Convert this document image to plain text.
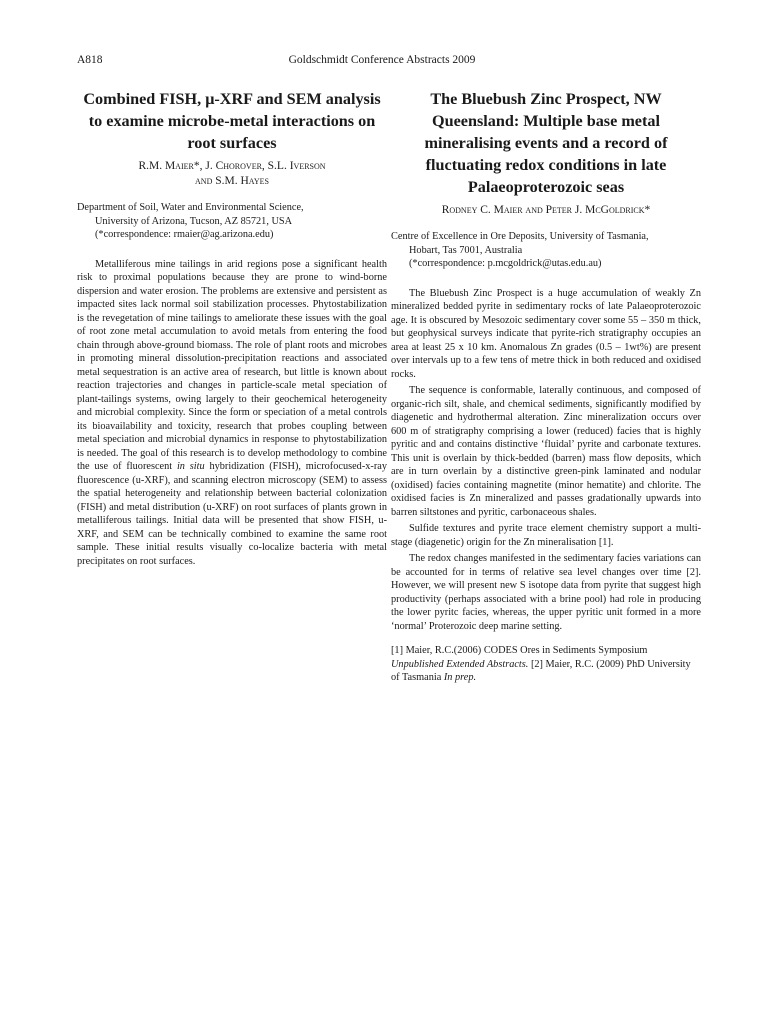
A818	Goldschmidt Conference Abstracts 2009
Combined FISH, μ-XRF and SEM analysis to examine microbe-metal interactions on root surfaces
R.M. Maier*, J. Chorover, S.L. Iverson
and S.M. Hayes
Department of Soil, Water and Environmental Science,
University of Arizona, Tucson, AZ 85721, USA
(*correspondence: rmaier@ag.arizona.edu)

Metalliferous mine tailings in arid regions pose a significant health risk to proximal populations because they are prone to wind-borne dispersion and water erosion. The problems are extensive and persistent as impacted sites lack normal soil stabilization processes. Phytostabilization is the revegetation of mine tailings to ameliorate these issues with the goal of root zone metal accumulation to avoid metals from entering the food chain through above-ground biomass. The role of plant roots and microbes in promoting mineral dissolution-precipitation reactions and associated metal sequestration is an active area of research, but little is known about reaction trajectories and changes in particle-scale metal speciation of plant-tailings systems, owing largely to their geochemical heterogeneity and microbial complexity. Since the form or speciation of a metal controls its bioavailability and toxicity, research that probes coupling between metal speciation and microbial dynamics in response to phytostabilization is needed. The goal of this research is to develop methodology to combine the use of fluorescent in situ hybridization (FISH), microfocused-x-ray fluorescence (u-XRF), and scanning electron microscopy (SEM) to assess the spatial heterogeneity and relationship between bacterial colonization (FISH) and metal distribution (u-XRF) on root surfaces of plants grown in metalliferous tailings. Initial data will be presented that show FISH, u-XRF, and SEM can be technically combined to examine the same root sample. These initial results visually co-localize bacteria with metal precipitates on root surfaces.

The Bluebush Zinc Prospect, NW Queensland: Multiple base metal mineralising events and a record of fluctuating redox conditions in late Palaeoproterozoic seas
Rodney C. Maier and Peter J. McGoldrick*
Centre of Excellence in Ore Deposits, University of Tasmania,
Hobart, Tas 7001, Australia
(*correspondence: p.mcgoldrick@utas.edu.au)

The Bluebush Zinc Prospect is a huge accumulation of weakly Zn mineralized bedded pyrite in sedimentary rocks of late Palaeoproterozoic age. It is obscured by Mesozoic sedimentary cover some 55 – 350 m thick, but geophysical surveys indicate that pyrite-rich stratigraphy occupies an area at least 25 x 10 km. Anomalous Zn grades (0.5 – 1wt%) are present over intervals up to a few tens of metre thick in both reduced and oxidised rocks.

The sequence is conformable, laterally continuous, and composed of organic-rich silt, shale, and chemical sediments, significantly modified by diagenetic and hydrothermal alteration. Zinc mineralization occurs over 600 m of stratigraphy comprising a lower (reduced) facies that is highly pyritic and and contains distinctive ‘fluidal’ pyrite and carbonate textures. This unit is overlain by thick-bedded (barren) mass flow deposits, which are in turn overlain by a distinctive green-pink laminated and nodular (oxidised) facies containing magnetite (minor hematite) and chlorite. The oxidised facies is Zn mineralized and passes gradationally upwards into barren siltstones and pyritic, carbonaceous shales.

Sulfide textures and pyrite trace element chemistry support a multi-stage (diagenetic) origin for the Zn mineralisation [1].

The redox changes manifested in the sedimentary facies variations can be accounted for in terms of relative sea level changes over time [2]. However, we will present new S isotope data from pyrite that suggest high productivity (perhaps associated with a brine pool) had role in producing the lower pyritc facies, whereas, the upper pyritic unit formed in a more ‘normal’ Proterozoic deep marine setting.

[1] Maier, R.C.(2006) CODES Ores in Sediments Symposium Unpublished Extended Abstracts. [2] Maier, R.C. (2009) PhD University of Tasmania In prep.
